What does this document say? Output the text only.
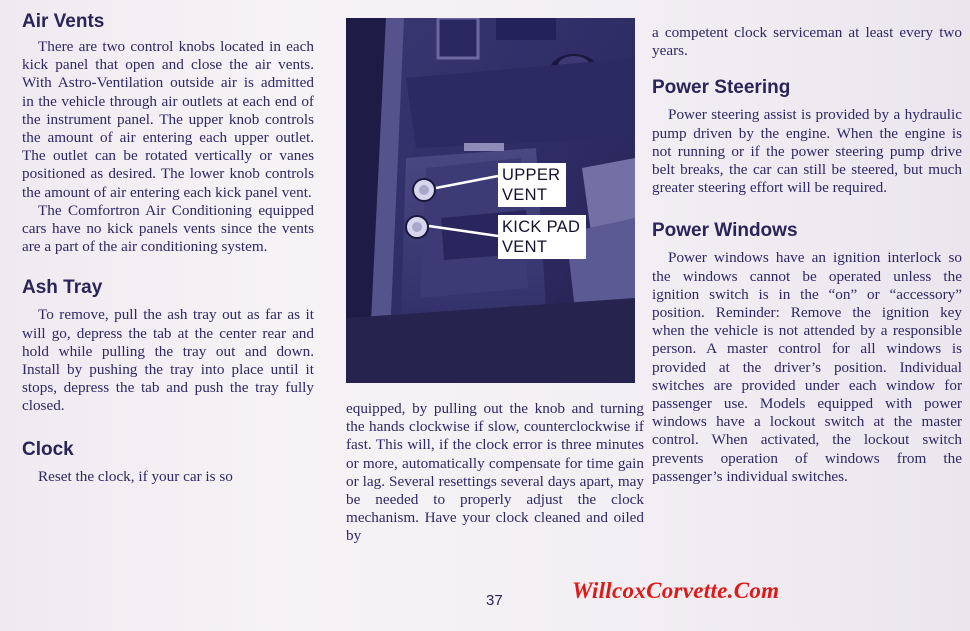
Air Vents

There are two control knobs located in each kick panel that open and close the air vents. With Astro-Ventilation outside air is admitted in the vehicle through air outlets at each end of the instrument panel. The upper knob controls the amount of air entering each upper outlet. The outlet can be rotated vertically or vanes positioned as desired. The lower knob controls the amount of air entering each kick panel vent.

The Comfortron Air Conditioning equipped cars have no kick panels vents since the vents are a part of the air conditioning system.

Ash Tray

To remove, pull the ash tray out as far as it will go, depress the tab at the center rear and hold while pulling the tray out and down. Install by pushing the tray into place until it stops, depress the tab and push the tray fully closed.

Clock

Reset the clock, if your car is so

UPPER
VENT
KICK PAD
VENT

equipped, by pulling out the knob and turning the hands clockwise if slow, counterclockwise if fast. This will, if the clock error is three minutes or more, automatically compensate for time gain or lag. Several resettings several days apart, may be needed to properly adjust the clock mechanism. Have your clock cleaned and oiled by

a competent clock serviceman at least every two years.

Power Steering

Power steering assist is provided by a hydraulic pump driven by the engine. When the engine is not running or if the power steering pump drive belt breaks, the car can still be steered, but much greater steering effort will be required.

Power Windows

Power windows have an ignition interlock so the windows cannot be operated unless the ignition switch is in the “on” or “accessory” position. Reminder: Remove the ignition key when the vehicle is not attended by a responsible person. A master control for all windows is provided at the driver’s position. Individual switches are provided under each window for passenger use. Models equipped with power windows have a lockout switch at the master control. When activated, the lockout switch prevents operation of windows from the passenger’s individual switches.

37	WillcoxCorvette.Com
